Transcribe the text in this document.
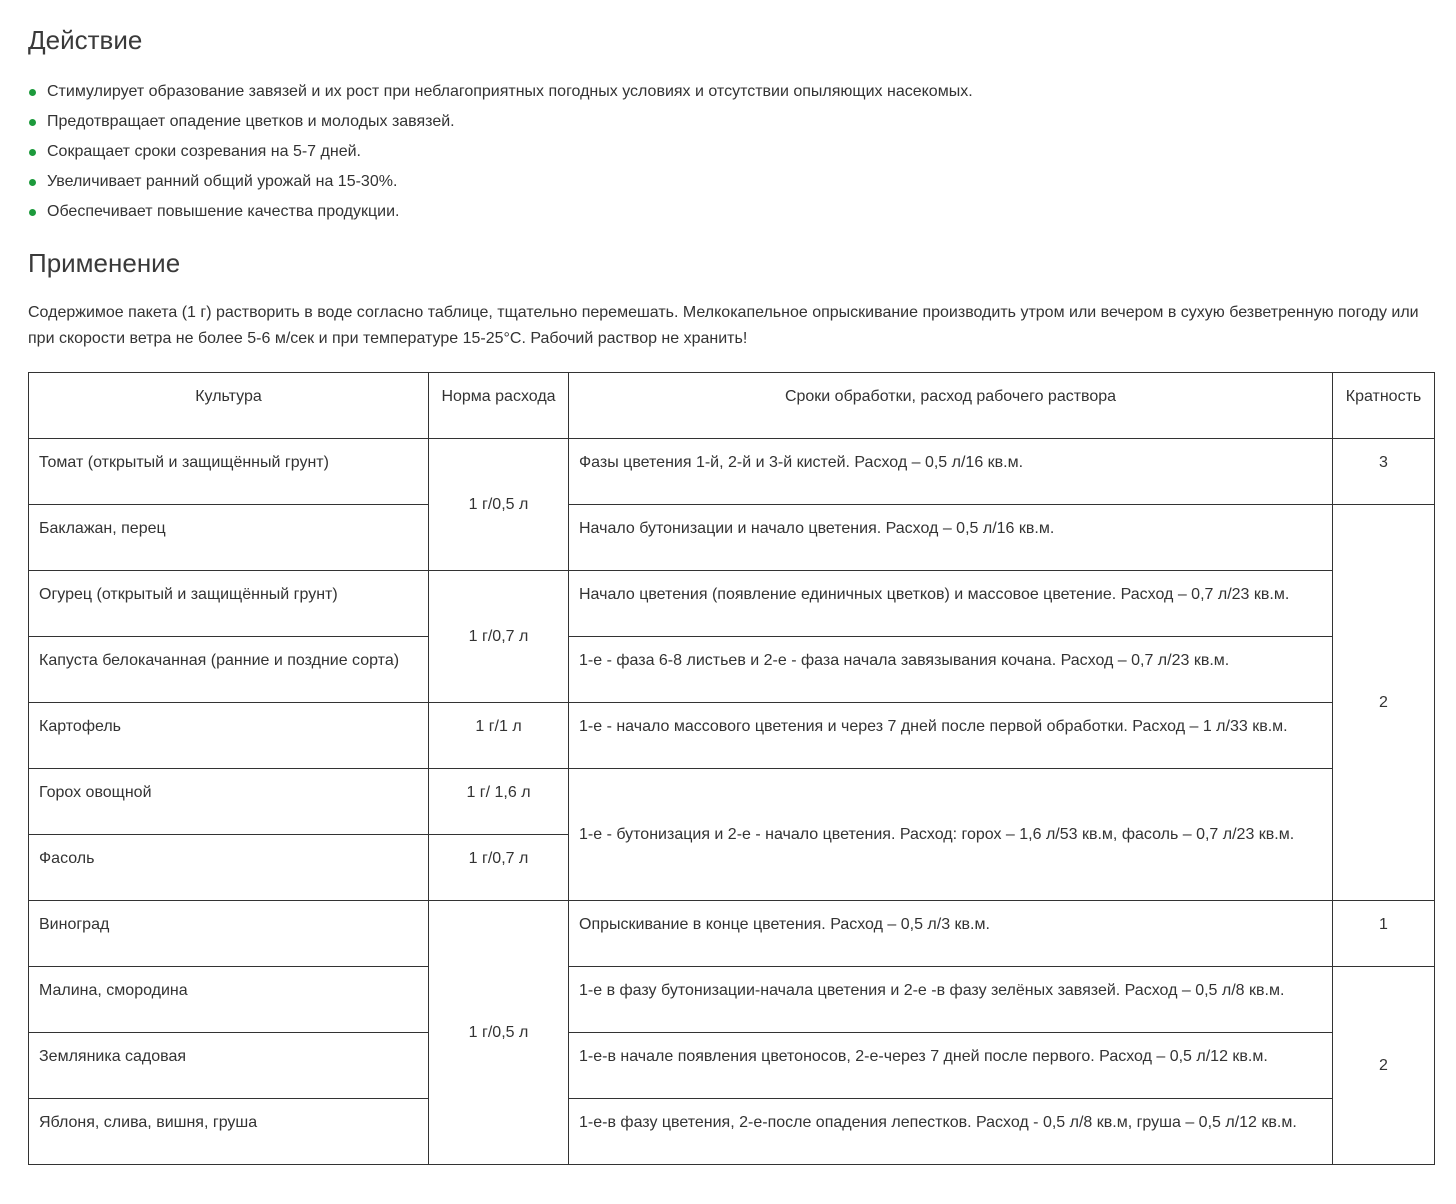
Действие
Стимулирует образование завязей и их рост при неблагоприятных погодных условиях и отсутствии опыляющих насекомых.
Предотвращает опадение цветков и молодых завязей.
Сокращает сроки созревания на 5-7 дней.
Увеличивает ранний общий урожай на 15-30%.
Обеспечивает повышение качества продукции.
Применение

Содержимое пакета (1 г) растворить в воде согласно таблице, тщательно перемешать. Мелкокапельное опрыскивание производить утром или вечером в сухую безветренную погоду или при скорости ветра не более 5-6 м/сек и при температуре 15-25°С. Рабочий раствор не хранить!

Культура	Норма расхода	Сроки обработки, расход рабочего раствора	Кратность

Томат (открытый и защищённый грунт)	1 г/0,5 л	Фазы цветения 1-й, 2-й и 3-й кистей. Расход – 0,5 л/16 кв.м.	3

Баклажан, перец		Начало бутонизации и начало цветения. Расход – 0,5 л/16 кв.м.	2

Огурец (открытый и защищённый грунт)	1 г/0,7 л	Начало цветения (появление единичных цветков) и массовое цветение. Расход – 0,7 л/23 кв.м.	

Капуста белокачанная (ранние и поздние сорта)		1-е - фаза 6-8 листьев и 2-е - фаза начала завязывания кочана. Расход – 0,7 л/23 кв.м.	

Картофель	1 г/1 л	1-е - начало массового цветения и через 7 дней после первой обработки. Расход – 1 л/33 кв.м.	

Горох овощной	1 г/ 1,6 л	1-е - бутонизация и 2-е - начало цветения. Расход: горох – 1,6 л/53 кв.м, фасоль – 0,7 л/23 кв.м.	

Фасоль	1 г/0,7 л		

Виноград	1 г/0,5 л	Опрыскивание в конце цветения. Расход – 0,5 л/3 кв.м.	1

Малина, смородина		1-е в фазу бутонизации-начала цветения и 2-е -в фазу зелёных завязей. Расход – 0,5 л/8 кв.м.	2

Земляника садовая		1-е-в начале появления цветоносов, 2-е-через 7 дней после первого. Расход – 0,5 л/12 кв.м.	

Яблоня, слива, вишня, груша		1-е-в фазу цветения, 2-е-после опадения лепестков. Расход - 0,5 л/8 кв.м, груша – 0,5 л/12 кв.м.	
